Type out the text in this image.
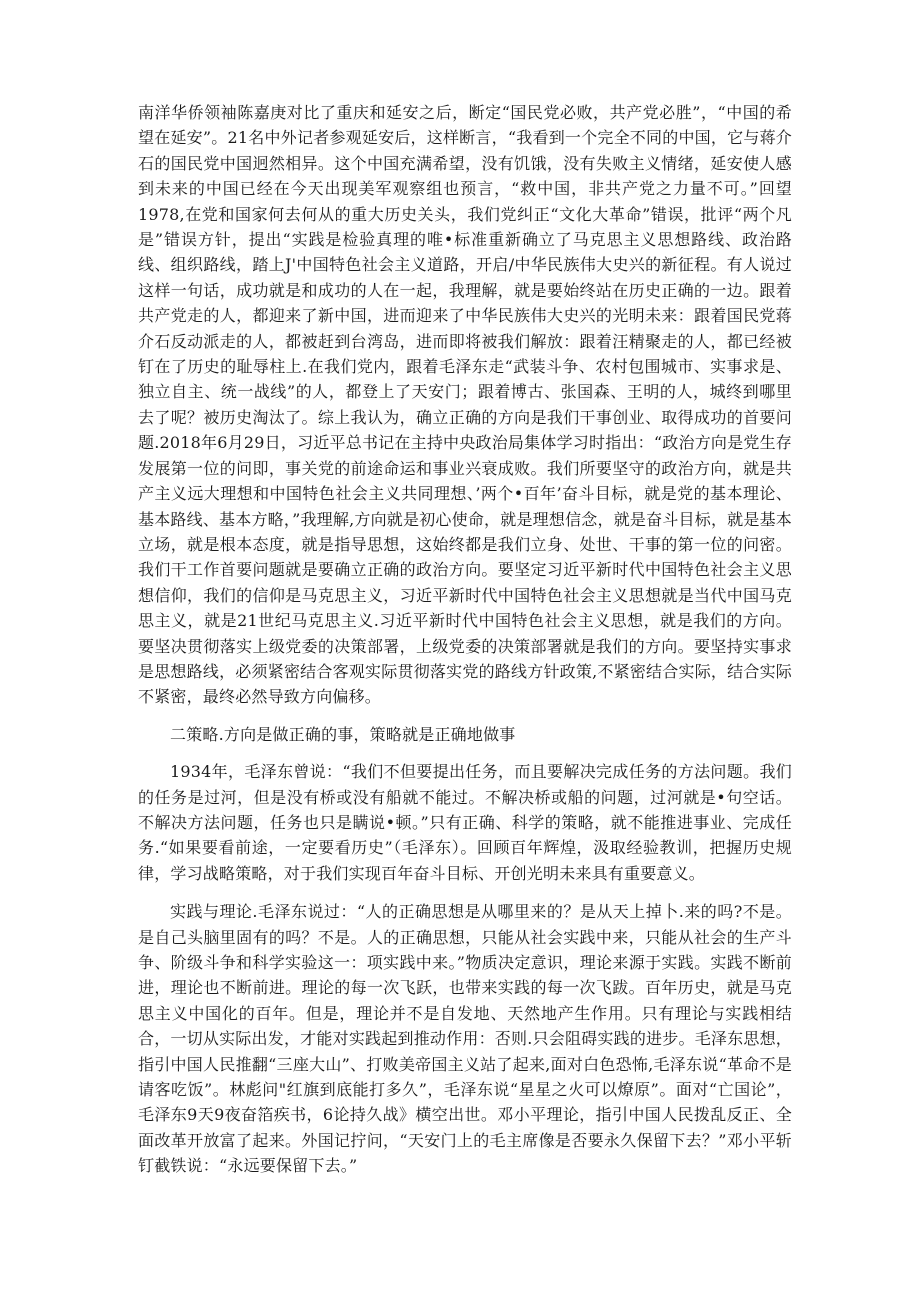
南洋华侨领袖陈嘉庚对比了重庆和延安之后，断定“国民党必败，共产党必胜”，“中国的希望在延安”。21名中外记者参观延安后，这样断言，“我看到一个完全不同的中国，它与蒋介石的国民党中国迥然相异。这个中国充满希望，没有饥饿，没有失败主义情绪，延安使人感到未来的中国已经在今天出现美军观察组也预言，“救中国，非共产党之力量不可。”回望1978,在党和国家何去何从的重大历史关头，我们党纠正“文化大革命”错误，批评“两个凡是”错误方针，提出“实践是检验真理的唯•标准重新确立了马克思主义思想路线、政治路线、组织路线，踏上J'中国特色社会主义道路，开启/中华民族伟大史兴的新征程。有人说过这样一句话，成功就是和成功的人在一起，我理解，就是要始终站在历史正确的一边。跟着共产党走的人，都迎来了新中国，进而迎来了中华民族伟大史兴的光明未来：跟着国民党蒋介石反动派走的人，都被赶到台湾岛，进而即将被我们解放：跟着汪精聚走的人，都已经被钉在了历史的耻辱柱上.在我们党内，跟着毛泽东走“武装斗争、农村包围城市、实事求是、独立自主、统一战线”的人，都登上了天安门；跟着博古、张国森、王明的人，城终到哪里去了呢？被历史淘汰了。综上我认为，确立正确的方向是我们干事创业、取得成功的首要问题.2018年6月29日，习近平总书记在主持中央政治局集体学习时指出：“政治方向是党生存发展第一位的问即，事关党的前途命运和事业兴衰成败。我们所要坚守的政治方向，就是共产主义远大理想和中国特色社会主义共同理想、’两个•百年’奋斗目标，就是党的基本理论、基本路线、基本方略，”我理解,方向就是初心使命，就是理想信念，就是奋斗目标，就是基本立场，就是根本态度，就是指导思想，这始终都是我们立身、处世、干事的第一位的问密。我们干工作首要问题就是要确立正确的政治方向。要坚定习近平新时代中国特色社会主义思想信仰，我们的信仰是马克思主义，习近平新时代中国特色社会主义思想就是当代中国马克思主义，就是21世纪马克思主义.习近平新时代中国特色社会主义思想，就是我们的方向。要坚决贯彻落实上级党委的决策部署，上级党委的决策部署就是我们的方向。要坚持实事求是思想路线，必须紧密结合客观实际贯彻落实党的路线方针政策,不紧密结合实际，结合实际不紧密，最终必然导致方向偏移。

二策略.方向是做正确的事，策略就是正确地做事

1934年，毛泽东曾说：“我们不但要提出任务，而且要解决完成任务的方法问题。我们的任务是过河，但是没有桥或没有船就不能过。不解决桥或船的问题，过河就是•句空话。不解决方法问题，任务也只是瞒说•顿。”只有正确、科学的策略，就不能推进事业、完成任务.“如果要看前途，一定要看历史”（毛泽东）。回顾百年辉煌，汲取经验教训，把握历史规律，学习战略策略，对于我们实现百年奋斗目标、开创光明未来具有重要意义。

实践与理论.毛泽东说过：“人的正确思想是从哪里来的？是从天上掉卜.来的吗?不是。是自己头脑里固有的吗？不是。人的正确思想，只能从社会实践中来，只能从社会的生产斗争、阶级斗争和科学实验这一：项实践中来。”物质决定意识，理论来源于实践。实践不断前进，理论也不断前进。理论的每一次飞跃，也带来实践的每一次飞跋。百年历史，就是马克思主义中国化的百年。但是，理论并不是自发地、天然地产生作用。只有理论与实践相结合，一切从实际出发，才能对实践起到推动作用：否则.只会阻碍实践的进步。毛泽东思想，指引中国人民推翻“三座大山”、打败美帝国主义站了起来,面对白色恐怖,毛泽东说“革命不是请客吃饭”。林彪问"红旗到底能打多久”，毛泽东说“星星之火可以燎原”。面对“亡国论”，毛泽东9天9夜奋箔疾书，6论持久战》横空出世。邓小平理论，指引中国人民拨乱反正、全面改革开放富了起来。外国记拧问，“天安门上的毛主席像是否要永久保留下去？”邓小平斩钉截铁说：“永远要保留下去。”
